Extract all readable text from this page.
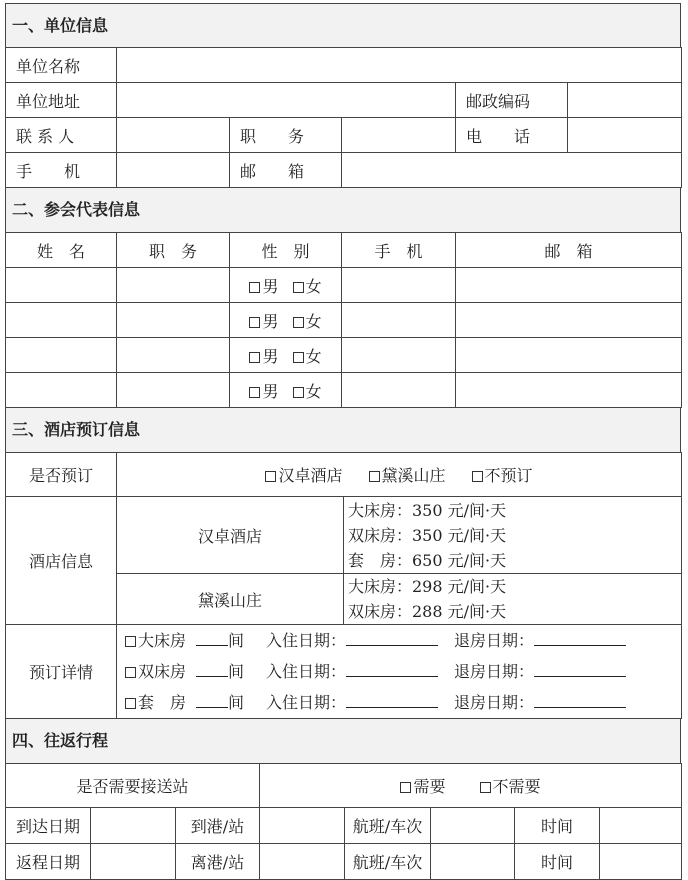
一、单位信息
单位名称					
单位地址				邮政编码	
联 系 人		职　　务		电　　话	
手　　机		邮　　箱			
二、参会代表信息
姓　名	职　务	性　别	手　机	邮　箱
		男 女		
		男 女		
		男 女		
		男 女		
三、酒店预订信息
是否预订	汉卓酒店 黛溪山庄 不预订	
酒店信息	汉卓酒店	大床房：350 元/间·天
双床房：350 元/间·天
套　房：650 元/间·天

	黛溪山庄	大床房：298 元/间·天
双床房：288 元/间·天

预订详情	大床房 间 入住日期： 退房日期：
双床房 间 入住日期： 退房日期：
套　房 间 入住日期： 退房日期：	
四、往返行程
是否需要接送站			需要 不需要				
到达日期		到港/站		航班/车次		时间	
返程日期		离港/站		航班/车次		时间	
